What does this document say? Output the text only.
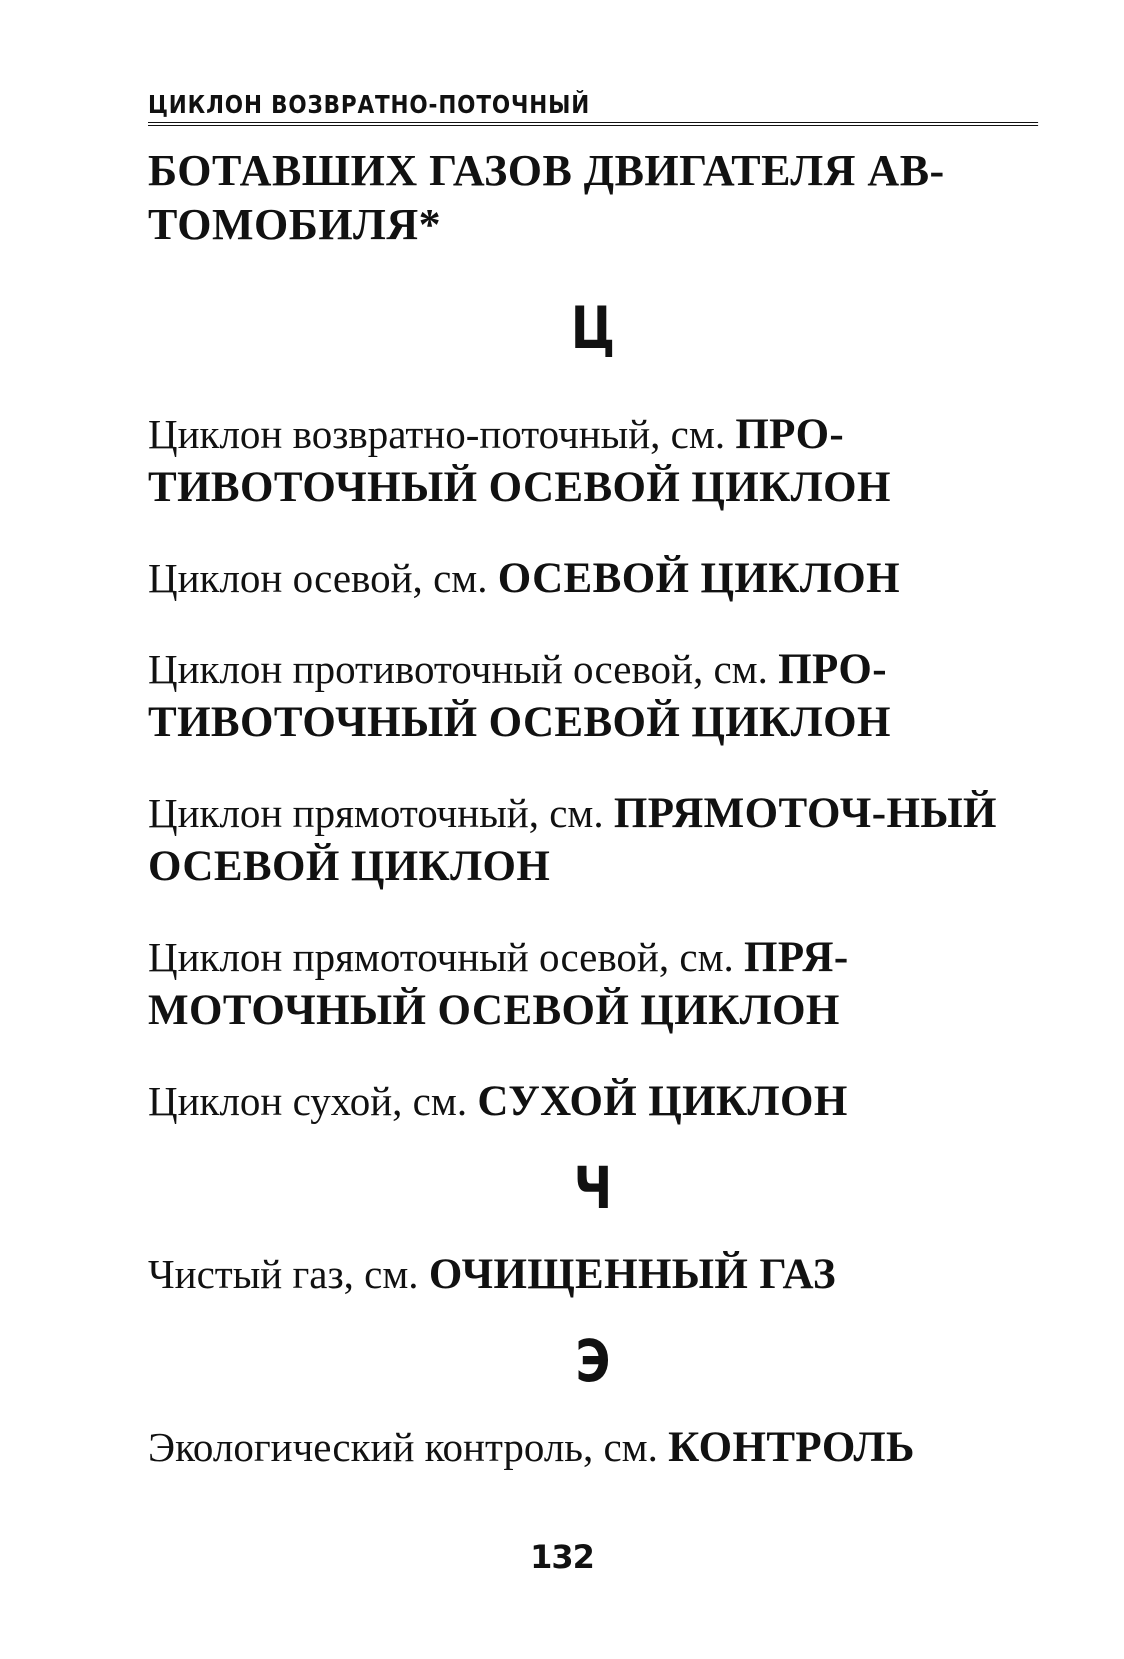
ЦИКЛОН ВОЗВРАТНО-ПОТОЧНЫЙ
БОТАВШИХ ГАЗОВ ДВИГАТЕЛЯ АВ-
ТОМОБИЛЯ*
Ц
Циклон возвратно-поточный, см. ПРО-​ТИВОТОЧНЫЙ ОСЕВОЙ ЦИКЛОН
Циклон осевой, см. ОСЕВОЙ ЦИКЛОН
Циклон противоточный осевой, см. ПРО-​ТИВОТОЧНЫЙ ОСЕВОЙ ЦИКЛОН
Циклон прямоточный, см. ПРЯМОТОЧ-​НЫЙ ОСЕВОЙ ЦИКЛОН
Циклон прямоточный осевой, см. ПРЯ-​МОТОЧНЫЙ ОСЕВОЙ ЦИКЛОН
Циклон сухой, см. СУХОЙ ЦИКЛОН
Ч
Чистый газ, см. ОЧИЩЕННЫЙ ГАЗ
Э
Экологический контроль, см. КОНТРОЛЬ
132
